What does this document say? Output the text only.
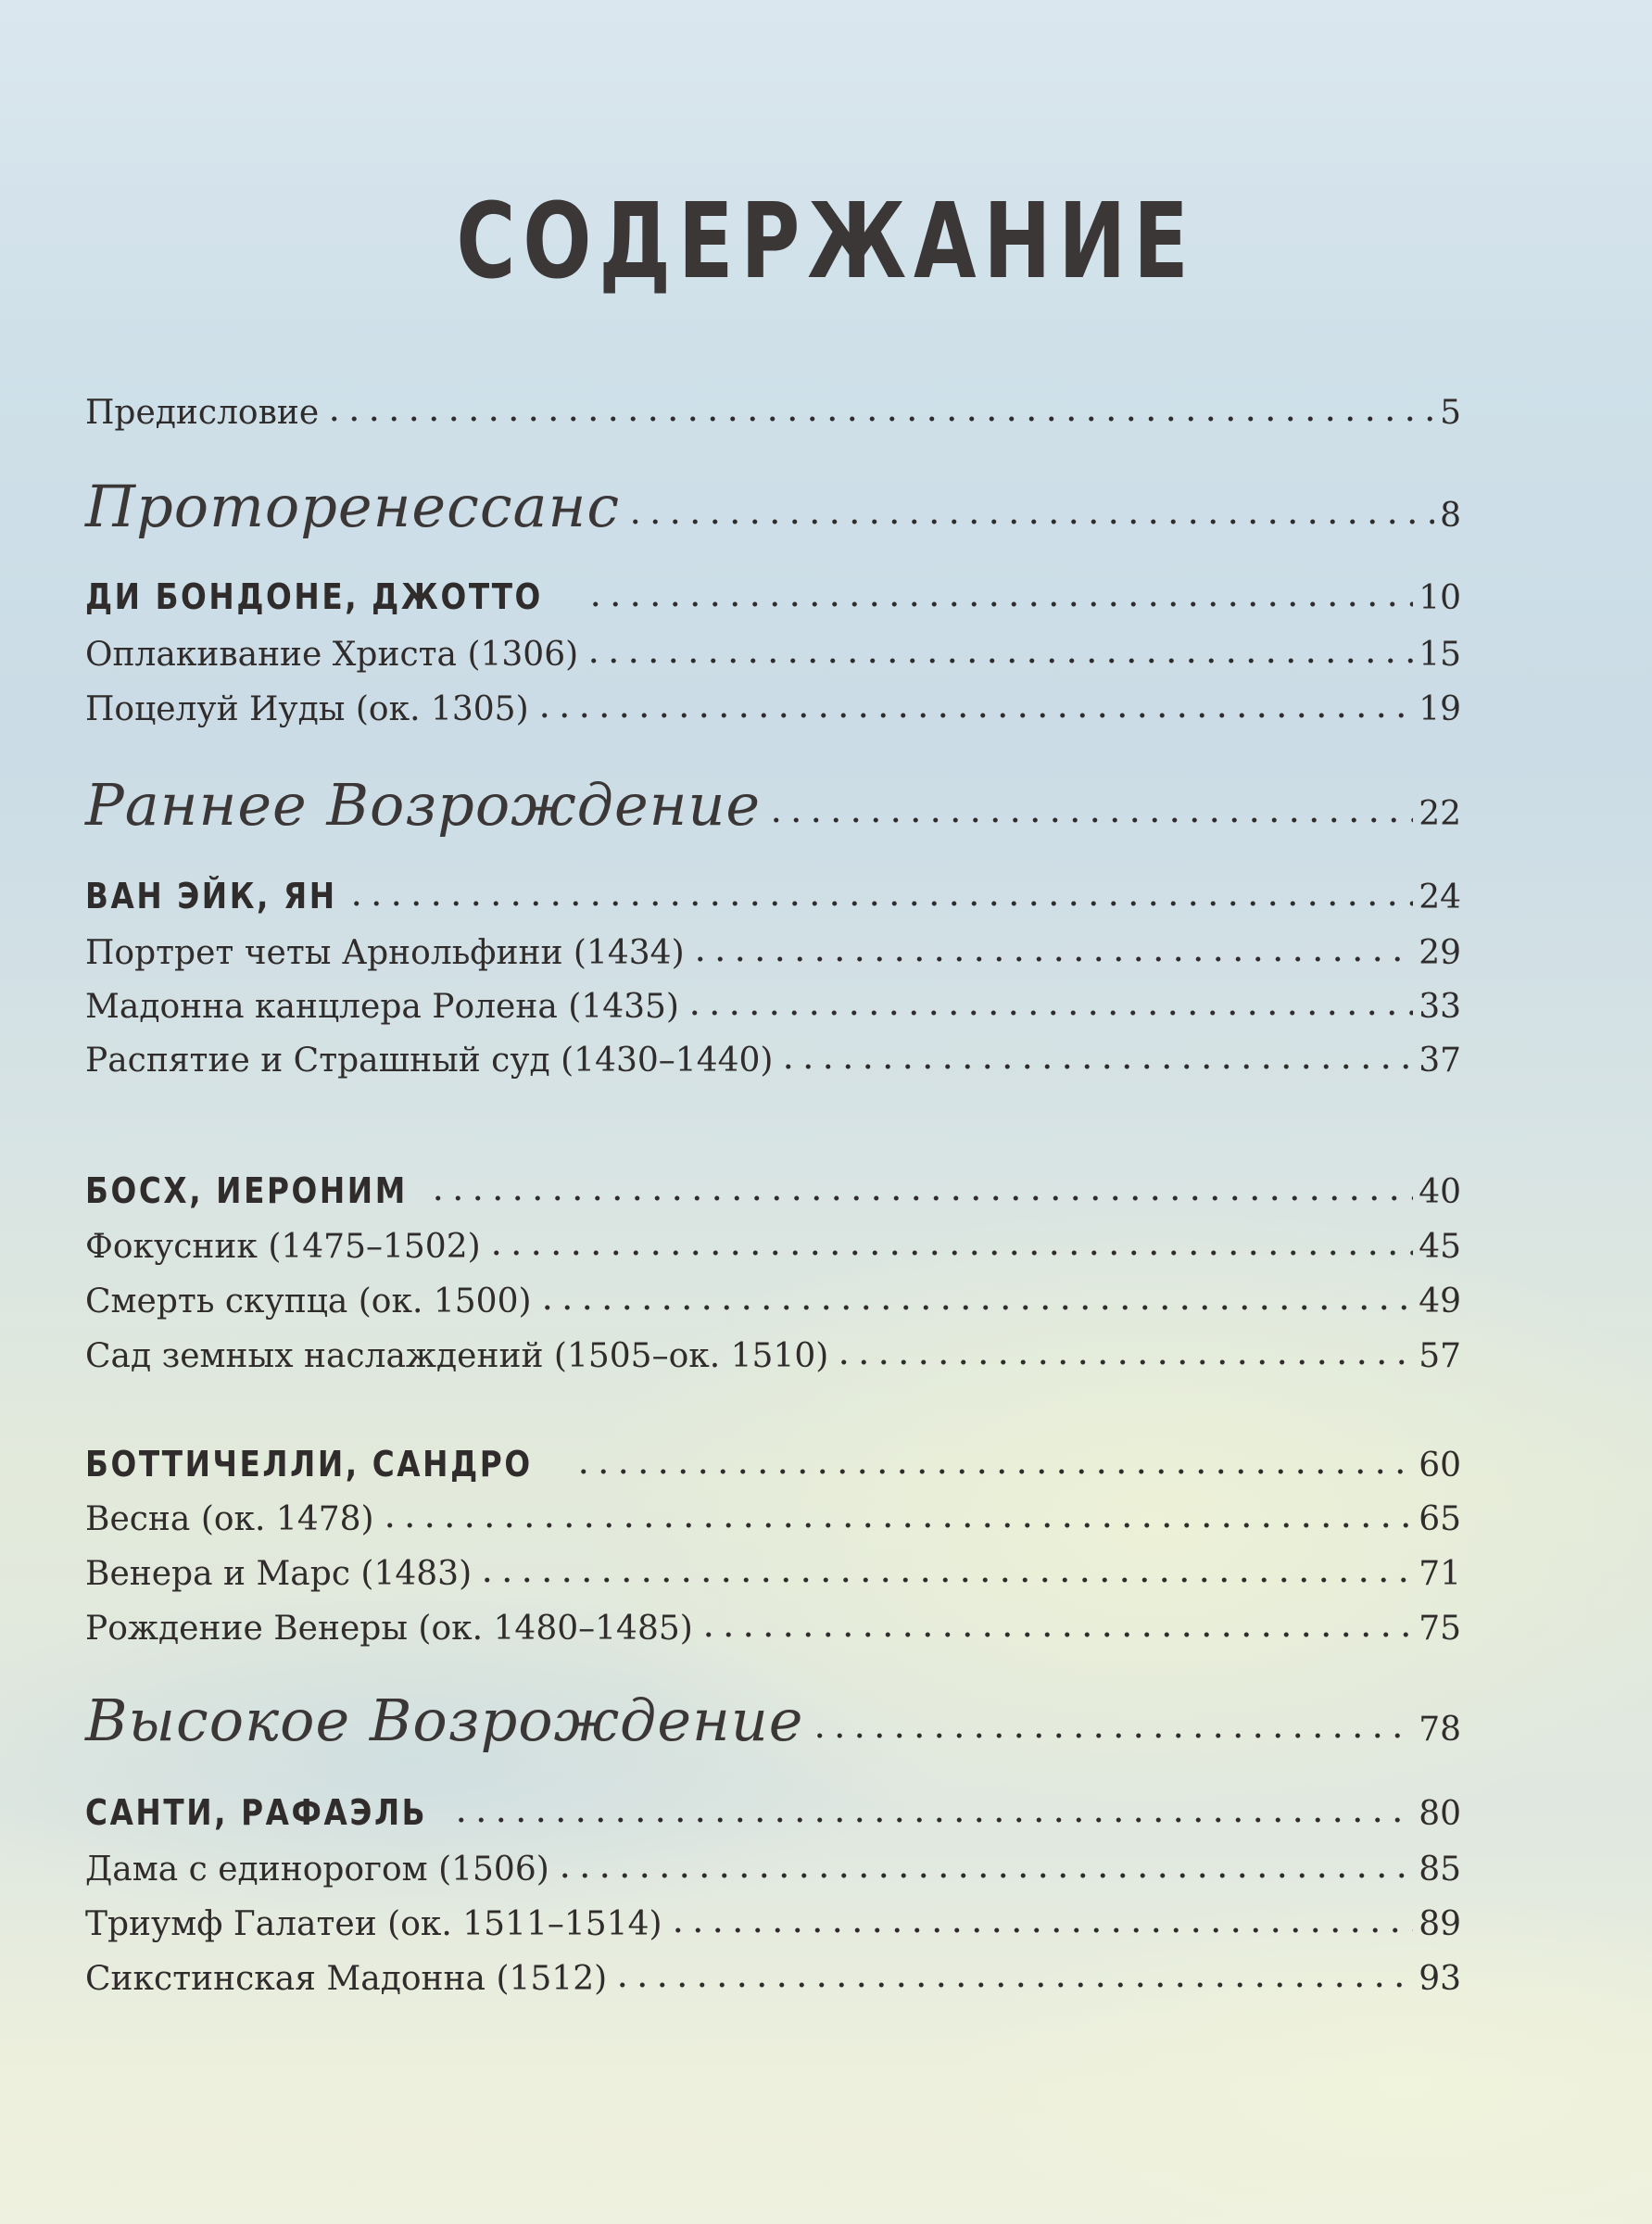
СОДЕРЖАНИЕ
Предисловие	5
Проторенессанс	8
ДИ БОНДОНЕ, ДЖОТТО	10
Оплакивание Христа (1306)	15
Поцелуй Иуды (ок. 1305)	19
Раннее Возрождение	22
ВАН ЭЙК, ЯН	24
Портрет четы Арнольфини (1434)	29
Мадонна канцлера Ролена (1435)	33
Распятие и Страшный суд (1430–1440)	37
БОСХ, ИЕРОНИМ	40
Фокусник (1475–1502)	45
Смерть скупца (ок. 1500)	49
Сад земных наслаждений (1505–ок. 1510)	57
БОТТИЧЕЛЛИ, САНДРО	60
Весна (ок. 1478)	65
Венера и Марс (1483)	71
Рождение Венеры (ок. 1480–1485)	75
Высокое Возрождение	78
САНТИ, РАФАЭЛЬ	80
Дама с единорогом (1506)	85
Триумф Галатеи (ок. 1511–1514)	89
Сикстинская Мадонна (1512)	93
